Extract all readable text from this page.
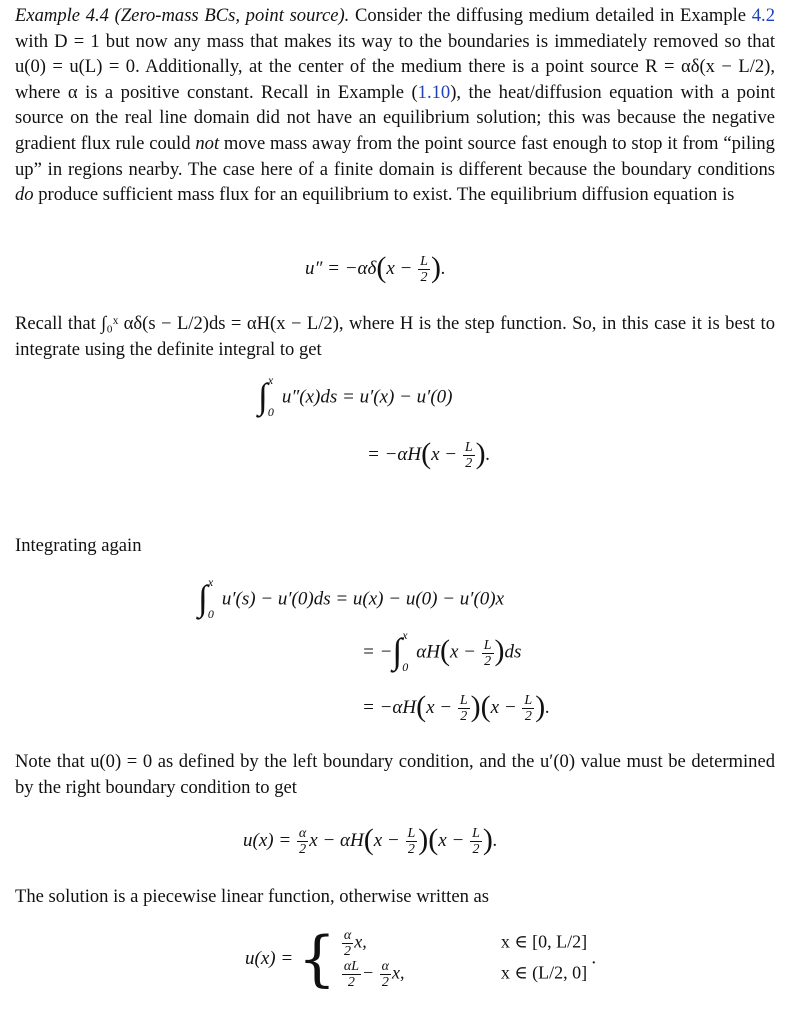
Example 4.4 (Zero-mass BCs, point source). Consider the diffusing medium detailed in Example 4.2 with D = 1 but now any mass that makes its way to the boundaries is immediately removed so that u(0) = u(L) = 0. Additionally, at the center of the medium there is a point source R = αδ(x − L/2), where α is a positive constant. Recall in Example (1.10), the heat/diffusion equation with a point source on the real line domain did not have an equilibrium solution; this was because the negative gradient flux rule could not move mass away from the point source fast enough to stop it from “piling up” in regions nearby. The case here of a finite domain is different because the boundary conditions do produce sufficient mass flux for an equilibrium to exist. The equilibrium diffusion equation is
$u'' = -\alpha\delta(x - \frac{L}{2}$ ).
Recall that ∫₀ˣ αδ(s − L/2)ds = αH(x − L/2), where H is the step function. So, in this case it is best to integrate using the definite integral to get
∫ x
0
u″(x)ds = u′(x) − u′(0)
= $-\alpha H(x - \frac{L}{2}$ ).
Integrating again
∫ x
0
u′(s) − u′(0)ds = u(x) − u(0) − u′(0)x
= −∫ x
0
$\alpha H(x - \frac{L}{2} )ds$
= $-\alpha H(x - \frac{L}{2} )(x - \frac{L}{2}$ ).
Note that u(0) = 0 as defined by the left boundary condition, and the u′(0) value must be determined by the right boundary condition to get
$u(x) = \frac{\alpha}{2}$ $x - \alpha H(x - \frac{L}{2} )(x - \frac{L}{2}$ ).
The solution is a piecewise linear function, otherwise written as
u(x) = { $\frac{\alpha}{2} x$,	x ∈ [0, L/2]
$\frac{\alpha L}{2} - \frac{\alpha}{2} x$,	x ∈ (L/2, 0]
.
